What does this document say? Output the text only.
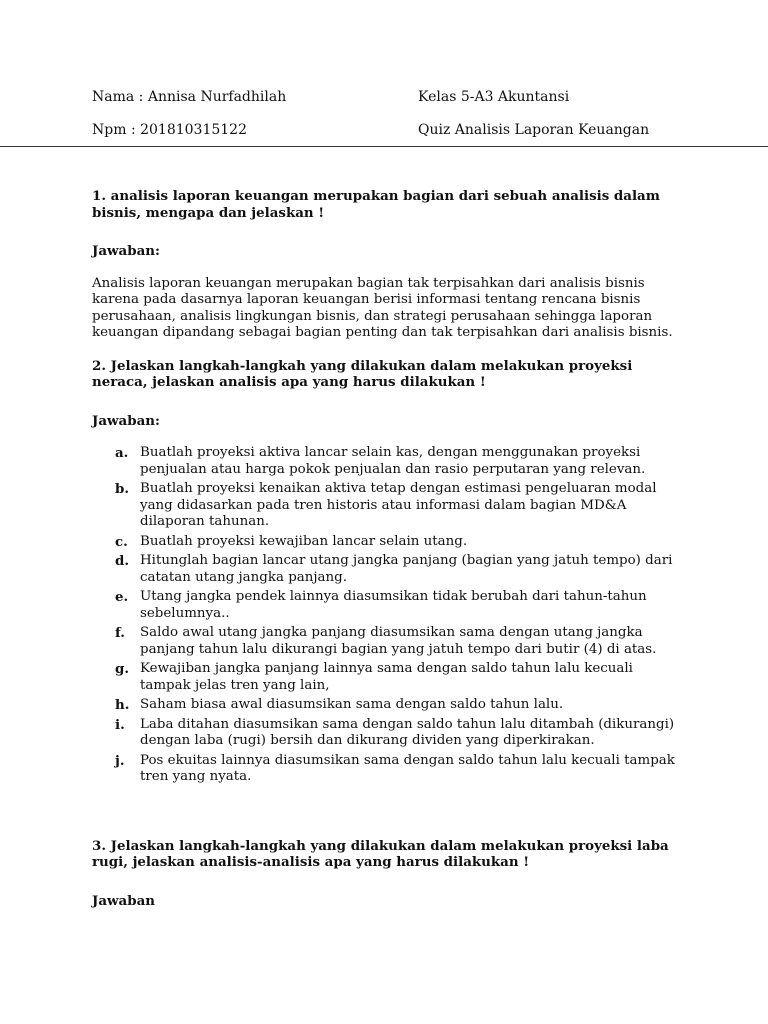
Nama : Annisa Nurfadhilah
Npm : 201810315122
Kelas 5-A3 Akuntansi
Quiz Analisis Laporan Keuangan

1. analisis laporan keuangan merupakan bagian dari sebuah analisis dalam bisnis, mengapa dan jelaskan !

Jawaban:

Analisis laporan keuangan merupakan bagian tak terpisahkan dari analisis bisnis karena pada dasarnya laporan keuangan berisi informasi tentang rencana bisnis perusahaan, analisis lingkungan bisnis, dan strategi perusahaan sehingga laporan keuangan dipandang sebagai bagian penting dan tak terpisahkan dari analisis bisnis.

2. Jelaskan langkah-langkah yang dilakukan dalam melakukan proyeksi neraca, jelaskan analisis apa yang harus dilakukan !

Jawaban:

a. Buatlah proyeksi aktiva lancar selain kas, dengan menggunakan proyeksi penjualan atau harga pokok penjualan dan rasio perputaran yang relevan.
b. Buatlah proyeksi kenaikan aktiva tetap dengan estimasi pengeluaran modal yang didasarkan pada tren historis atau informasi dalam bagian MD&A dilaporan tahunan.
c. Buatlah proyeksi kewajiban lancar selain utang.
d. Hitunglah bagian lancar utang jangka panjang (bagian yang jatuh tempo) dari catatan utang jangka panjang.
e. Utang jangka pendek lainnya diasumsikan tidak berubah dari tahun-tahun sebelumnya..
f. Saldo awal utang jangka panjang diasumsikan sama dengan utang jangka panjang tahun lalu dikurangi bagian yang jatuh tempo dari butir (4) di atas.
g. Kewajiban jangka panjang lainnya sama dengan saldo tahun lalu kecuali tampak jelas tren yang lain,
h. Saham biasa awal diasumsikan sama dengan saldo tahun lalu.
i. Laba ditahan diasumsikan sama dengan saldo tahun lalu ditambah (dikurangi) dengan laba (rugi) bersih dan dikurang dividen yang diperkirakan.
j. Pos ekuitas lainnya diasumsikan sama dengan saldo tahun lalu kecuali tampak tren yang nyata.

3. Jelaskan langkah-langkah yang dilakukan dalam melakukan proyeksi laba rugi, jelaskan analisis-analisis apa yang harus dilakukan !

Jawaban
